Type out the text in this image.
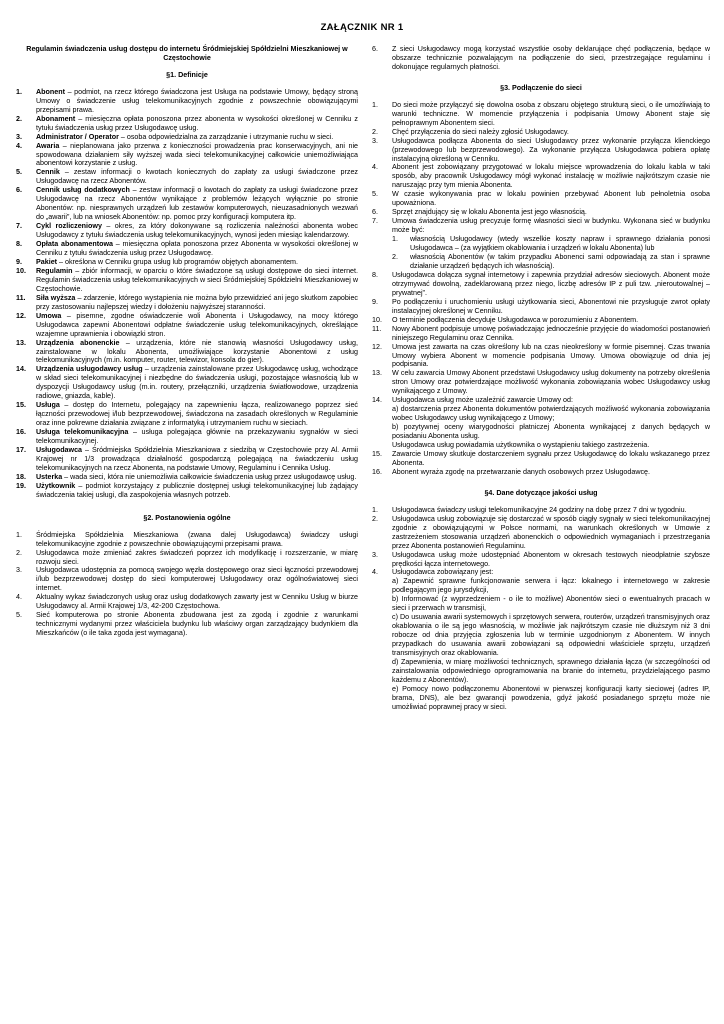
ZAŁĄCZNIK NR 1
Regulamin świadczenia usług dostępu do internetu Śródmiejskiej Spółdzielni Mieszkaniowej w Częstochowie
§1. Definicje
1. Abonent – podmiot, na rzecz którego świadczona jest Usługa na podstawie Umowy, będący stroną Umowy o świadczenie usług telekomunikacyjnych zgodnie z powszechnie obowiązującymi przepisami prawa.
2. Abonament – miesięczna opłata ponoszona przez abonenta w wysokości określonej w Cenniku z tytułu świadczenia usług przez Usługodawcę usług.
3. Administrator / Operator – osoba odpowiedzialna za zarządzanie i utrzymanie ruchu w sieci.
4. Awaria – nieplanowana jako przerwa z konieczności prowadzenia prac konserwacyjnych, ani nie spowodowana działaniem siły wyższej wada sieci telekomunikacyjnej całkowicie uniemożliwiająca abonentowi korzystanie z usług.
5. Cennik – zestaw informacji o kwotach koniecznych do zapłaty za usługi świadczone przez Usługodawcę na rzecz Abonentów.
6. Cennik usług dodatkowych – zestaw informacji o kwotach do zapłaty za usługi świadczone przez Usługodawcę na rzecz Abonentów wynikające z problemów leżących wyłącznie po stronie Abonentów: np. niesprawnych urządzeń lub zestawów komputerowych, nieuzasadnionych wezwań do „awarii”, lub na wniosek Abonentów: np. pomoc przy konfiguracji komputera itp.
7. Cykl rozliczeniowy – okres, za który dokonywane są rozliczenia należności abonenta wobec Usługodawcy z tytułu świadczenia usług telekomunikacyjnych, wynosi jeden miesiąc kalendarzowy.
8. Opłata abonamentowa – miesięczna opłata ponoszona przez Abonenta w wysokości określonej w Cenniku z tytułu świadczenia usług przez Usługodawcę.
9. Pakiet – określona w Cenniku grupa usług lub programów objętych abonamentem.
10. Regulamin – zbiór informacji, w oparciu o które świadczone są usługi dostępowe do sieci internet. Regulamin świadczenia usług telekomunikacyjnych w sieci Śródmiejskiej Spółdzielni Mieszkaniowej w Częstochowie.
11. Siła wyższa – zdarzenie, którego wystąpienia nie można było przewidzieć ani jego skutkom zapobiec przy zastosowaniu najlepszej wiedzy i dołożeniu najwyższej staranności.
12. Umowa – pisemne, zgodne oświadczenie woli Abonenta i Usługodawcy, na mocy którego Usługodawca zapewni Abonentowi odpłatne świadczenie usług telekomunikacyjnych, określające wzajemne uprawnienia i obowiązki stron.
13. Urządzenia abonenckie – urządzenia, które nie stanowią własności Usługodawcy usług, zainstalowane w lokalu Abonenta, umożliwiające korzystanie Abonentowi z usług telekomunikacyjnych (m.in. komputer, router, telewizor, konsola do gier).
14. Urządzenia usługodawcy usług – urządzenia zainstalowane przez Usługodawcę usług, wchodzące w skład sieci telekomunikacyjnej i niezbędne do świadczenia usługi, pozostające własnością lub w dyspozycji Usługodawcy usług (m.in. routery, przełączniki, urządzenia światłowodowe, urządzenia radiowe, gniazda, kable).
15. Usługa – dostęp do Internetu, polegający na zapewnieniu łącza, realizowanego poprzez sieć łączności przewodowej i/lub bezprzewodowej, świadczona na zasadach określonych w Regulaminie oraz inne pokrewne działania związane z informatyką i utrzymaniem ruchu w sieciach.
16. Usługa telekomunikacyjna – usługa polegająca głównie na przekazywaniu sygnałów w sieci telekomunikacyjnej.
17. Usługodawca – Śródmiejska Spółdzielnia Mieszkaniowa z siedzibą w Częstochowie przy Al. Armii Krajowej nr 1/3 prowadząca działalność gospodarczą polegającą na świadczeniu usług telekomunikacyjnych na rzecz Abonenta, na podstawie Umowy, Regulaminu i Cennika Usług.
18. Usterka – wada sieci, która nie uniemożliwia całkowicie świadczenia usług przez usługodawcę usług.
19. Użytkownik – podmiot korzystający z publicznie dostępnej usługi telekomunikacyjnej lub żądający świadczenia takiej usługi, dla zaspokojenia własnych potrzeb.
§2. Postanowienia ogólne
1. Śródmiejska Spółdzielnia Mieszkaniowa (zwana dalej Usługodawcą) świadczy usługi telekomunikacyjne zgodnie z powszechnie obowiązującymi przepisami prawa.
2. Usługodawca może zmieniać zakres świadczeń poprzez ich modyfikację i rozszerzanie, w miarę rozwoju sieci.
3. Usługodawca udostępnia za pomocą swojego węzła dostępowego oraz sieci łączności przewodowej i/lub bezprzewodowej dostęp do sieci komputerowej Usługodawcy oraz ogólnoświatowej sieci internet.
4. Aktualny wykaz świadczonych usług oraz usług dodatkowych zawarty jest w Cenniku Usług w biurze Usługodawcy al. Armii Krajowej 1/3, 42-200 Częstochowa.
5. Sieć komputerowa po stronie Abonenta zbudowana jest za zgodą i zgodnie z warunkami technicznymi wydanymi przez właściciela budynku lub właściwy organ zarządzający budynkiem dla Mieszkańców (o ile taka zgoda jest wymagana).
6. Z sieci Usługodawcy mogą korzystać wszystkie osoby deklarujące chęć podłączenia, będące w obszarze technicznie pozwalającym na podłączenie do sieci, przestrzegające regulaminu i dokonujące regularnych płatności.
§3. Podłączenie do sieci
1. Do sieci może przyłączyć się dowolna osoba z obszaru objętego strukturą sieci, o ile umożliwiają to warunki techniczne. W momencie przyłączenia i podpisania Umowy Abonent staje się pełnoprawnym Abonentem sieci.
2. Chęć przyłączenia do sieci należy zgłosić Usługodawcy.
3. Usługodawca podłącza Abonenta do sieci Usługodawcy przez wykonanie przyłącza klienckiego (przewodowego lub bezprzewodowego). Za wykonanie przyłącza Usługodawca pobiera opłatę instalacyjną określoną w Cenniku.
4. Abonent jest zobowiązany przygotować w lokalu miejsce wprowadzenia do lokalu kabla w taki sposób, aby pracownik Usługodawcy mógł wykonać instalację w możliwie najkrótszym czasie nie naruszając przy tym mienia Abonenta.
5. W czasie wykonywania prac w lokalu powinien przebywać Abonent lub pełnoletnia osoba upoważniona.
6. Sprzęt znajdujący się w lokalu Abonenta jest jego własnością.
7. Umowa świadczenia usług precyzuje formę własności sieci w budynku. Wykonana sieć w budynku może być:
1. własnością Usługodawcy (wtedy wszelkie koszty napraw i sprawnego działania ponosi Usługodawca – (za wyjątkiem okablowania i urządzeń w lokalu Abonenta) lub
2. własnością Abonentów (w takim przypadku Abonenci sami odpowiadają za stan i sprawne działanie urządzeń będących ich własnością).
8. Usługodawca dołącza sygnał internetowy i zapewnia przydział adresów sieciowych. Abonent może otrzymywać dowolną, zadeklarowaną przez niego, liczbę adresów IP z puli tzw. „nieroutowalnej – prywatnej”.
9. Po podłączeniu i uruchomieniu usługi użytkowania sieci, Abonentowi nie przysługuje zwrot opłaty instalacyjnej określonej w Cenniku.
10. O terminie podłączenia decyduje Usługodawca w porozumieniu z Abonentem.
11. Nowy Abonent podpisuje umowę poświadczając jednocześnie przyjęcie do wiadomości postanowień niniejszego Regulaminu oraz Cennika.
12. Umowa jest zawarta na czas określony lub na czas nieokreślony w formie pisemnej. Czas trwania Umowy wybiera Abonent w momencie podpisania Umowy. Umowa obowiązuje od dnia jej podpisania.
13. W celu zawarcia Umowy Abonent przedstawi Usługodawcy usług dokumenty na potrzeby określenia stron Umowy oraz potwierdzające możliwość wykonania zobowiązania wobec Usługodawcy usług wynikającego z Umowy.
14. Usługodawca usług może uzależnić zawarcie Umowy od:
a) dostarczenia przez Abonenta dokumentów potwierdzających możliwość wykonania zobowiązania wobec Usługodawcy usług wynikającego z Umowy;
b) pozytywnej oceny wiarygodności płatniczej Abonenta wynikającej z danych będących w posiadaniu Abonenta usług.
Usługodawca usług powiadamia użytkownika o wystąpieniu takiego zastrzeżenia.
15. Zawarcie Umowy skutkuje dostarczeniem sygnału przez Usługodawcę do lokalu wskazanego przez Abonenta.
16. Abonent wyraża zgodę na przetwarzanie danych osobowych przez Usługodawcę.
§4. Dane dotyczące jakości usług
1. Usługodawca świadczy usługi telekomunikacyjne 24 godziny na dobę przez 7 dni w tygodniu.
2. Usługodawca usług zobowiązuje się dostarczać w sposób ciągły sygnały w sieci telekomunikacyjnej zgodnie z obowiązującymi w Polsce normami, na warunkach określonych w Umowie z zastrzeżeniem stosowania urządzeń abonenckich o odpowiednich wymaganiach i przestrzegania przez Abonenta postanowień Regulaminu.
3. Usługodawca usług może udostępniać Abonentom w okresach testowych nieodpłatnie szybsze prędkości łącza internetowego.
4. Usługodawca zobowiązany jest:
a) Zapewnić sprawne funkcjonowanie serwera i łącz: lokalnego i internetowego w zakresie podlegającym jego jurysdykcji,
b) Informować (z wyprzedzeniem - o ile to możliwe) Abonentów sieci o ewentualnych pracach w sieci i przerwach w transmisji,
c) Do usuwania awarii systemowych i sprzętowych serwera, routerów, urządzeń transmisyjnych oraz okablowania o ile są jego własnością, w możliwie jak najkrótszym czasie nie dłuższym niż 3 dni robocze od dnia przyjęcia zgłoszenia lub w terminie uzgodnionym z Abonentem. W innych przypadkach do usuwania awarii zobowiązani są odpowiedni właściciele sprzętu, urządzeń transmisyjnych oraz okablowania.
d) Zapewnienia, w miarę możliwości technicznych, sprawnego działania łącza (w szczególności od zainstalowania odpowiedniego oprogramowania na branie do internetu, przydzielającego pasmo każdemu z Abonentów).
e) Pomocy nowo podłączonemu Abonentowi w pierwszej konfiguracji karty sieciowej (adres IP, brama, DNS), ale bez gwarancji powodzenia, gdyż jakość posiadanego sprzętu może nie umożliwiać poprawnej pracy w sieci.
